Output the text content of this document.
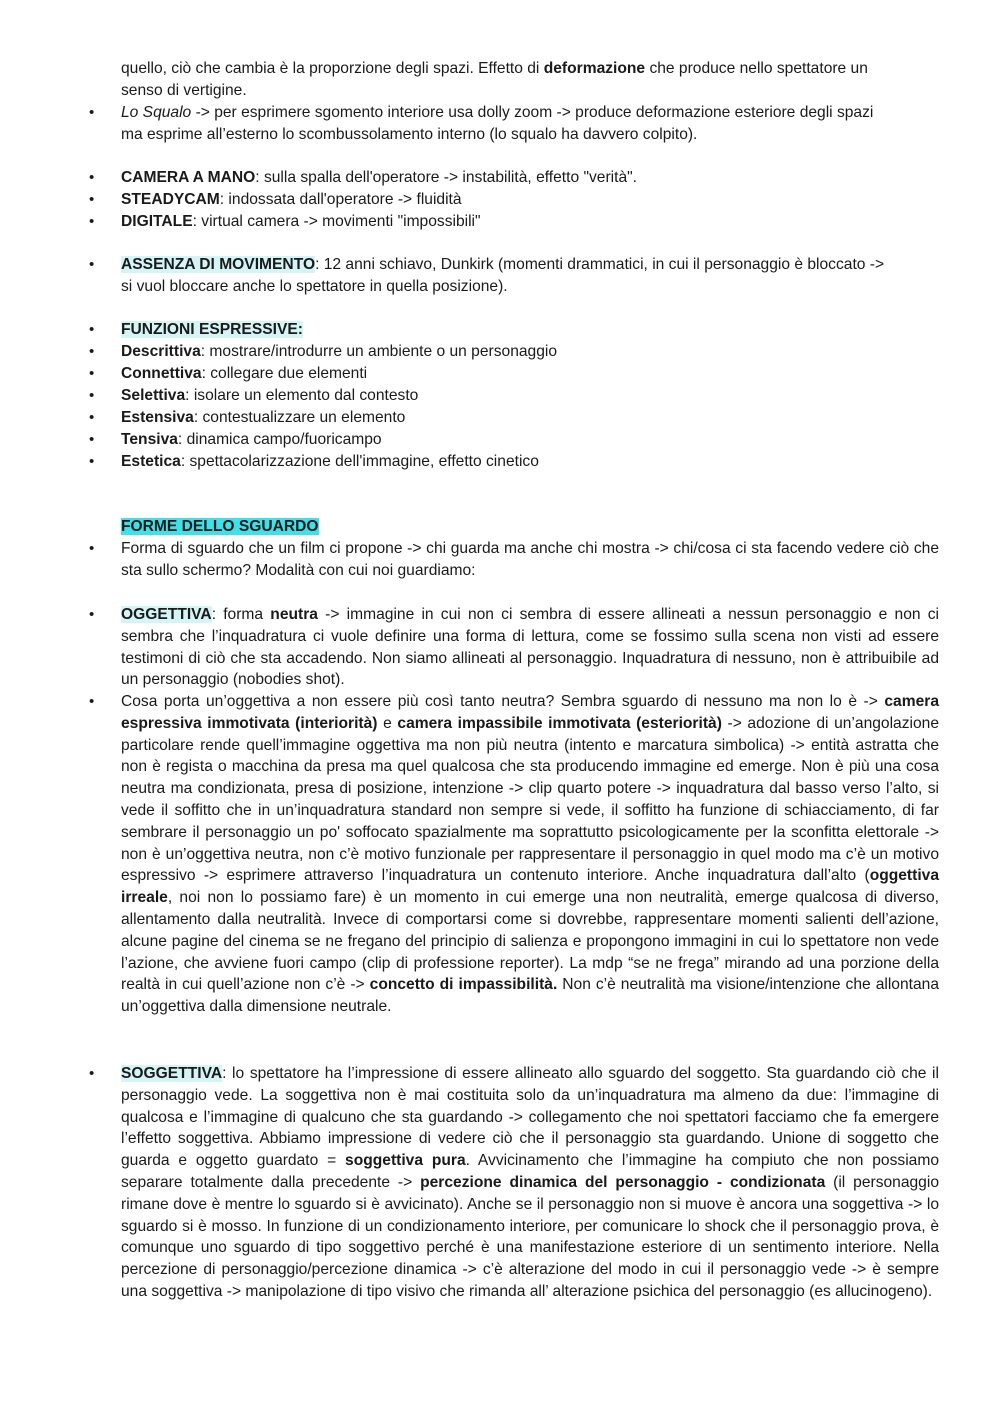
quello, ciò che cambia è la proporzione degli spazi. Effetto di deformazione che produce nello spettatore un
senso di vertigine.
• Lo Squalo -> per esprimere sgomento interiore usa dolly zoom -> produce deformazione esteriore degli spazi
ma esprime all’esterno lo scombussolamento interno (lo squalo ha davvero colpito).
• CAMERA A MANO: sulla spalla dell'operatore -> instabilità, effetto "verità".
• STEADYCAM: indossata dall'operatore -> fluidità
• DIGITALE: virtual camera -> movimenti "impossibili"
• ASSENZA DI MOVIMENTO: 12 anni schiavo, Dunkirk (momenti drammatici, in cui il personaggio è bloccato ->
si vuol bloccare anche lo spettatore in quella posizione).
• FUNZIONI ESPRESSIVE:
• Descrittiva: mostrare/introdurre un ambiente o un personaggio
• Connettiva: collegare due elementi
• Selettiva: isolare un elemento dal contesto
• Estensiva: contestualizzare un elemento
• Tensiva: dinamica campo/fuoricampo
• Estetica: spettacolarizzazione dell'immagine, effetto cinetico
FORME DELLO SGUARDO
• Forma di sguardo che un film ci propone -> chi guarda ma anche chi mostra -> chi/cosa ci sta facendo vedere ciò che sta sullo schermo? Modalità con cui noi guardiamo:
• OGGETTIVA: forma neutra -> immagine in cui non ci sembra di essere allineati a nessun personaggio e non ci sembra che l’inquadratura ci vuole definire una forma di lettura, come se fossimo sulla scena non visti ad essere testimoni di ciò che sta accadendo. Non siamo allineati al personaggio. Inquadratura di nessuno, non è attribuibile ad un personaggio (nobodies shot).
• Cosa porta un’oggettiva a non essere più così tanto neutra? Sembra sguardo di nessuno ma non lo è -> camera espressiva immotivata (interiorità) e camera impassibile immotivata (esteriorità) -> adozione di un’angolazione particolare rende quell’immagine oggettiva ma non più neutra (intento e marcatura simbolica) -> entità astratta che non è regista o macchina da presa ma quel qualcosa che sta producendo immagine ed emerge. Non è più una cosa neutra ma condizionata, presa di posizione, intenzione -> clip quarto potere -> inquadratura dal basso verso l’alto, si vede il soffitto che in un’inquadratura standard non sempre si vede, il soffitto ha funzione di schiacciamento, di far sembrare il personaggio un po' soffocato spazialmente ma soprattutto psicologicamente per la sconfitta elettorale -> non è un’oggettiva neutra, non c’è motivo funzionale per rappresentare il personaggio in quel modo ma c’è un motivo espressivo -> esprimere attraverso l’inquadratura un contenuto interiore. Anche inquadratura dall’alto (oggettiva irreale, noi non lo possiamo fare) è un momento in cui emerge una non neutralità, emerge qualcosa di diverso, allentamento dalla neutralità. Invece di comportarsi come si dovrebbe, rappresentare momenti salienti dell’azione, alcune pagine del cinema se ne fregano del principio di salienza e propongono immagini in cui lo spettatore non vede l’azione, che avviene fuori campo (clip di professione reporter). La mdp “se ne frega” mirando ad una porzione della realtà in cui quell’azione non c’è -> concetto di impassibilità. Non c’è neutralità ma visione/intenzione che allontana un’oggettiva dalla dimensione neutrale.
• SOGGETTIVA: lo spettatore ha l’impressione di essere allineato allo sguardo del soggetto. Sta guardando ciò che il personaggio vede. La soggettiva non è mai costituita solo da un’inquadratura ma almeno da due: l’immagine di qualcosa e l’immagine di qualcuno che sta guardando -> collegamento che noi spettatori facciamo che fa emergere l’effetto soggettiva. Abbiamo impressione di vedere ciò che il personaggio sta guardando. Unione di soggetto che guarda e oggetto guardato = soggettiva pura. Avvicinamento che l’immagine ha compiuto che non possiamo separare totalmente dalla precedente -> percezione dinamica del personaggio - condizionata (il personaggio rimane dove è mentre lo sguardo si è avvicinato). Anche se il personaggio non si muove è ancora una soggettiva -> lo sguardo si è mosso. In funzione di un condizionamento interiore, per comunicare lo shock che il personaggio prova, è comunque uno sguardo di tipo soggettivo perché è una manifestazione esteriore di un sentimento interiore. Nella percezione di personaggio/percezione dinamica -> c’è alterazione del modo in cui il personaggio vede -> è sempre una soggettiva -> manipolazione di tipo visivo che rimanda all’ alterazione psichica del personaggio (es allucinogeno).
